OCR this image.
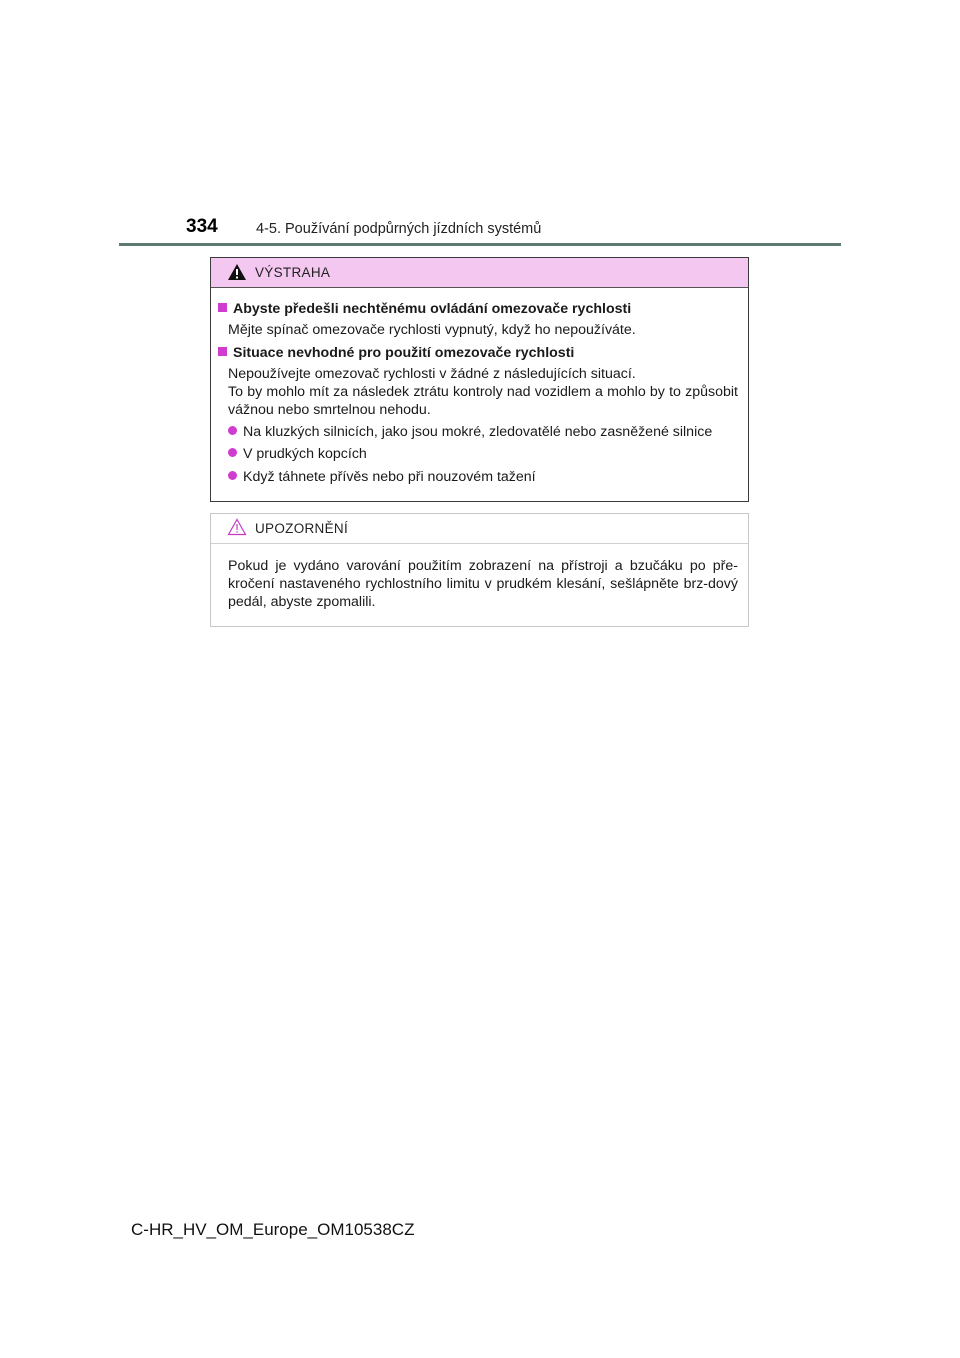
334	4-5. Používání podpůrných jízdních systémů
VÝSTRAHA
Abyste předešli nechtěnému ovládání omezovače rychlosti
Mějte spínač omezovače rychlosti vypnutý, když ho nepoužíváte.
Situace nevhodné pro použití omezovače rychlosti
Nepoužívejte omezovač rychlosti v žádné z následujících situací.
To by mohlo mít za následek ztrátu kontroly nad vozidlem a mohlo by to způsobit vážnou nebo smrtelnou nehodu.
Na kluzkých silnicích, jako jsou mokré, zledovatělé nebo zasněžené silnice
V prudkých kopcích
Když táhnete přívěs nebo při nouzovém tažení
UPOZORNĚNÍ
Pokud je vydáno varování použitím zobrazení na přístroji a bzučáku po pře-kročení nastaveného rychlostního limitu v prudkém klesání, sešlápněte brz-dový pedál, abyste zpomalili.
C-HR_HV_OM_Europe_OM10538CZ
